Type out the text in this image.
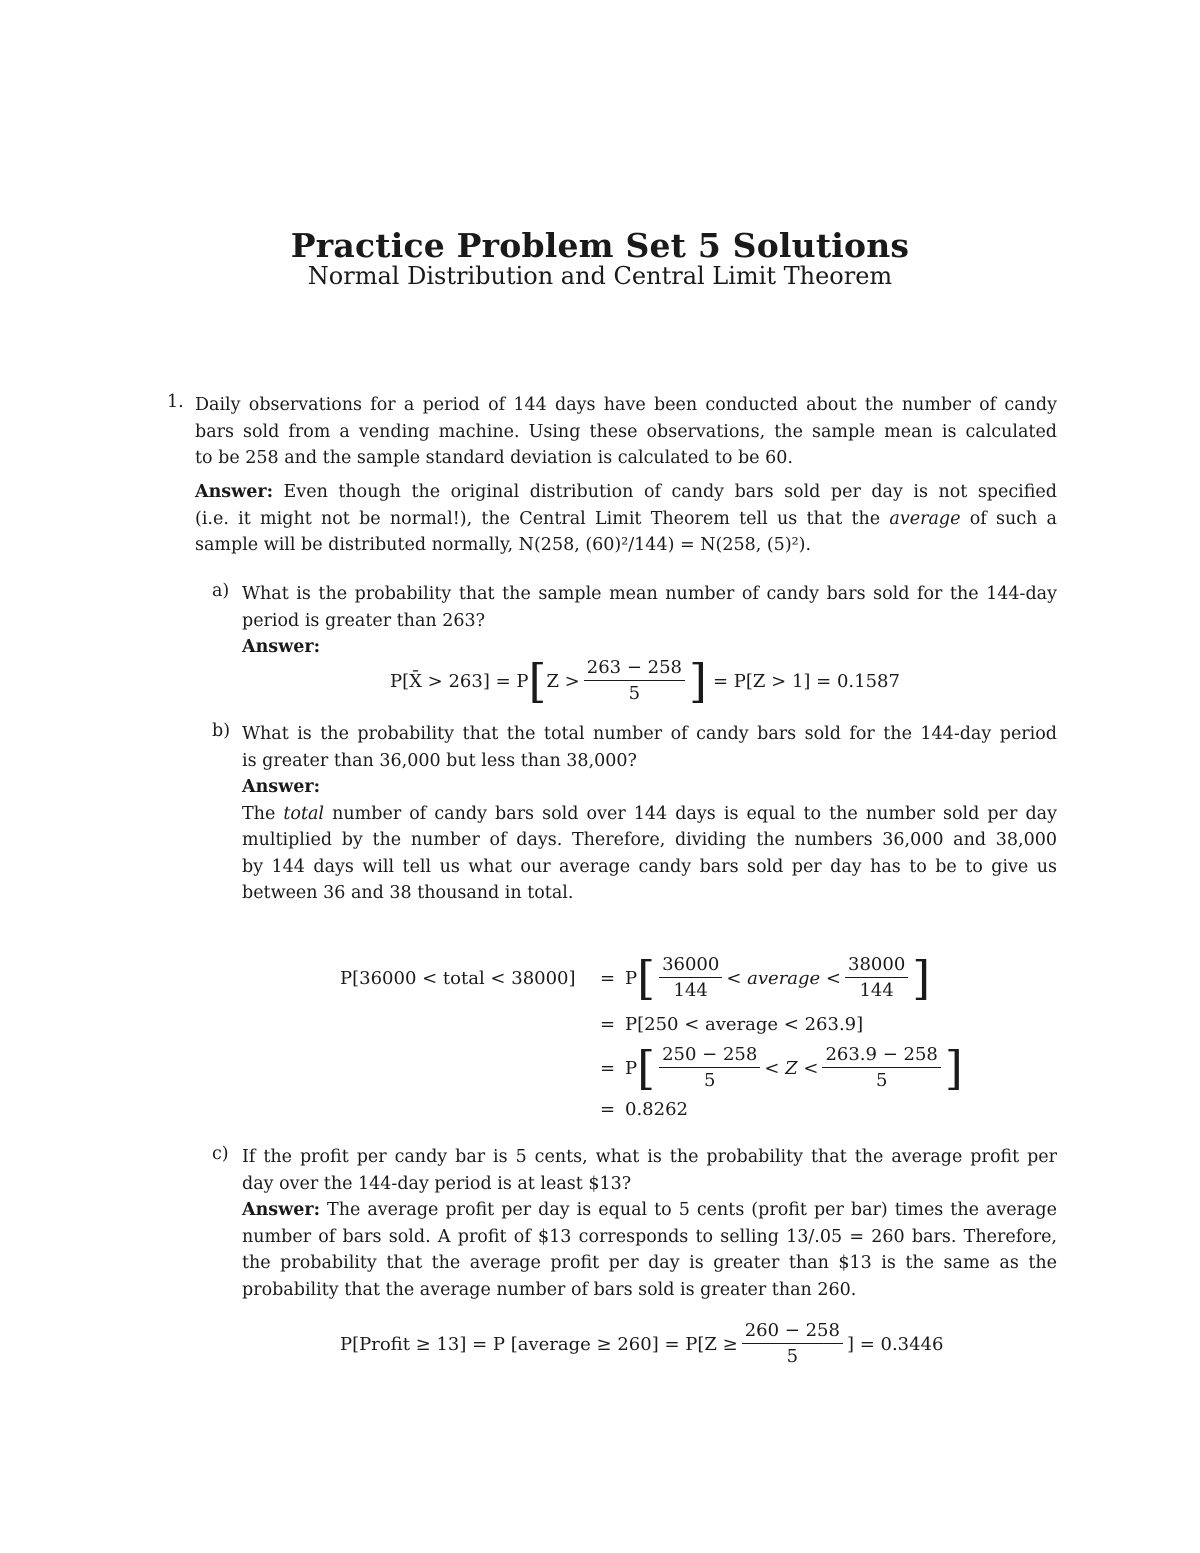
Practice Problem Set 5 Solutions
Normal Distribution and Central Limit Theorem
1. Daily observations for a period of 144 days have been conducted about the number of candy
bars sold from a vending machine. Using these observations, the sample mean is calculated
to be 258 and the sample standard deviation is calculated to be 60.
Answer: Even though the original distribution of candy bars sold per day is not specified
(i.e. it might not be normal!), the Central Limit Theorem tell us that the average of such a
sample will be distributed normally, N(258, (60)²/144) = N(258, (5)²).
a) What is the probability that the sample mean number of candy bars sold for the 144-day
period is greater than 263?
Answer:
P[X̄ > 263] = P [ $Z > \frac{263 - 258}{5}$ ] = P[Z > 1] = 0.1587
b) What is the probability that the total number of candy bars sold for the 144-day period
is greater than 36,000 but less than 38,000?
Answer:
The total number of candy bars sold over 144 days is equal to the number sold per day
multiplied by the number of days. Therefore, dividing the numbers 36,000 and 38,000
by 144 days will tell us what our average candy bars sold per day has to be to give us
between 36 and 38 thousand in total.
P[36000 < total < 38000]	= P [ $\frac{36000}{144}$ < average < $\frac{38000}{144}$ ]
= P[250 < average < 263.9]
= P [ $\frac{250 - 258}{5} < Z < \frac{263.9 - 258}{5}$ ]
= 0.8262
c) If the profit per candy bar is 5 cents, what is the probability that the average profit per
day over the 144-day period is at least $13?
Answer: The average profit per day is equal to 5 cents (profit per bar) times the average
number of bars sold. A profit of $13 corresponds to selling 13/.05 = 260 bars. Therefore,
the probability that the average profit per day is greater than $13 is the same as the
probability that the average number of bars sold is greater than 260.
P[Profit ≥ 13] = P [average ≥ $260] = P[Z \ge \frac{260 - 258}{5}$ ] = 0.3446
